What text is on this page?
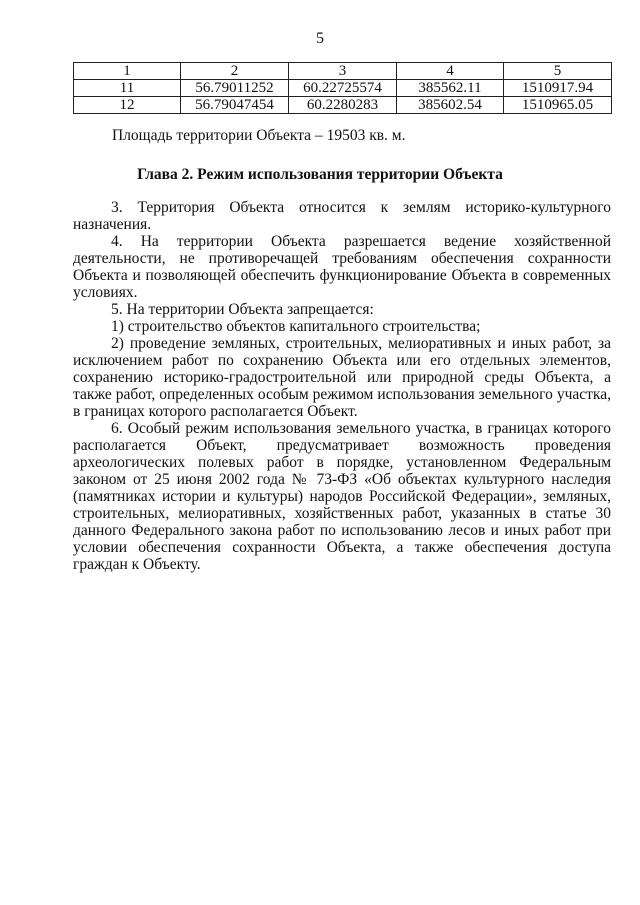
5
1	2	3	4	5
11	56.79011252	60.22725574	385562.11	1510917.94
12	56.79047454	60.2280283	385602.54	1510965.05
Площадь территории Объекта – 19503 кв. м.
Глава 2. Режим использования территории Объекта

3. Территория Объекта относится к землям историко-культурного назначения.

4. На территории Объекта разрешается ведение хозяйственной деятельности, не противоречащей требованиям обеспечения сохранности Объекта и позволяющей обеспечить функционирование Объекта в современных условиях.

5. На территории Объекта запрещается:

1) строительство объектов капитального строительства;

2) проведение земляных, строительных, мелиоративных и иных работ, за исключением работ по сохранению Объекта или его отдельных элементов, сохранению историко-градостроительной или природной среды Объекта, а также работ, определенных особым режимом использования земельного участка, в границах которого располагается Объект.

6. Особый режим использования земельного участка, в границах которого располагается Объект, предусматривает возможность проведения археологических полевых работ в порядке, установленном Федеральным законом от 25 июня 2002 года № 73-ФЗ «Об объектах культурного наследия (памятниках истории и культуры) народов Российской Федерации», земляных, строительных, мелиоративных, хозяйственных работ, указанных в статье 30 данного Федерального закона работ по использованию лесов и иных работ при условии обеспечения сохранности Объекта, а также обеспечения доступа граждан к Объекту.
